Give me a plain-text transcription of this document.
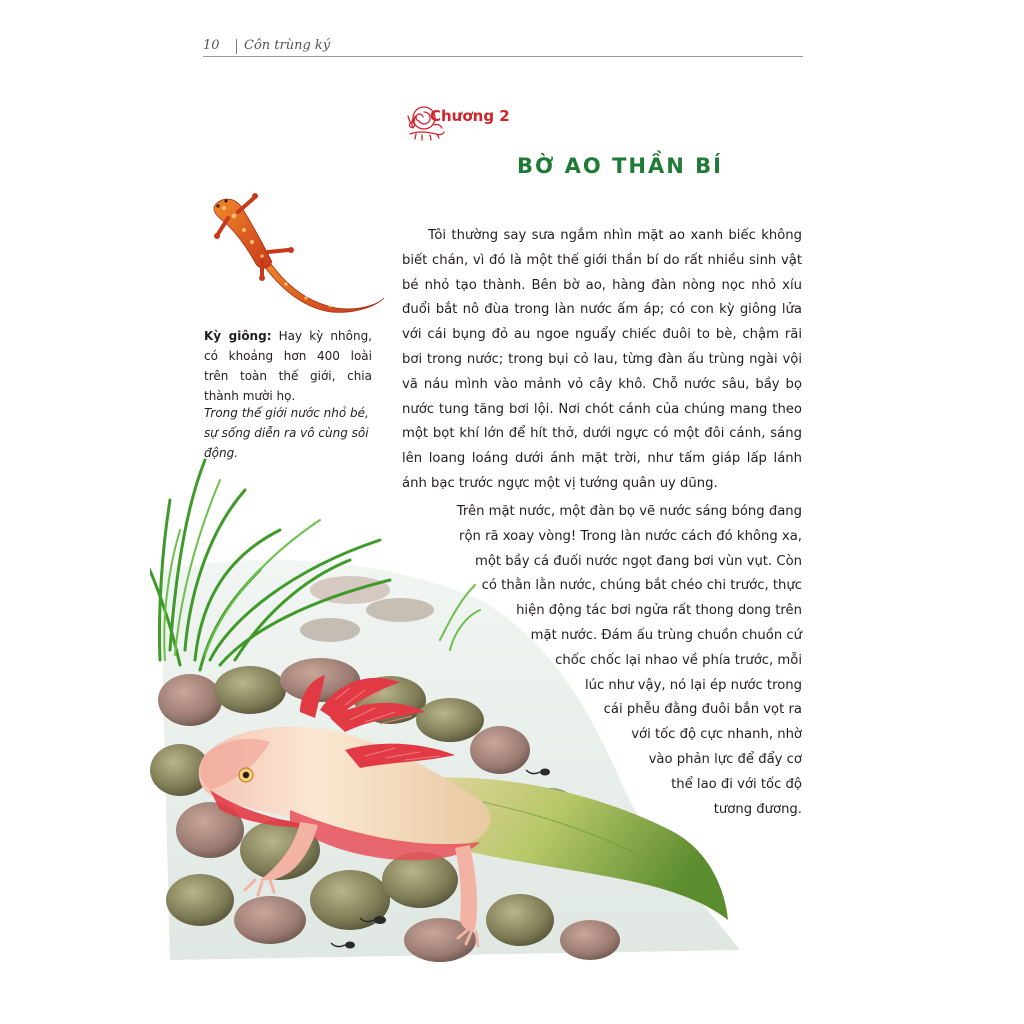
10 Côn trùng ký
Chương 2
BỜ AO THẦN BÍ

Kỳ giông: Hay kỳ nhông, có khoảng hơn 400 loài trên toàn thế giới, chia thành mười họ.

Trong thế giới nước nhỏ bé, sự sống diễn ra vô cùng sôi động.

Tôi thường say sưa ngắm nhìn mặt ao xanh biếc không biết chán, vì đó là một thế giới thần bí do rất nhiều sinh vật bé nhỏ tạo thành. Bên bờ ao, hàng đàn nòng nọc nhỏ xíu đuổi bắt nô đùa trong làn nước ấm áp; có con kỳ giông lửa với cái bụng đỏ au ngoe nguẩy chiếc đuôi to bè, chậm rãi bơi trong nước; trong bụi cỏ lau, từng đàn ấu trùng ngài vội vã náu mình vào mảnh vỏ cây khô. Chỗ nước sâu, bầy bọ nước tung tăng bơi lội. Nơi chót cánh của chúng mang theo một bọt khí lớn để hít thở, dưới ngực có một đôi cánh, sáng lên loang loáng dưới ánh mặt trời, như tấm giáp lấp lánh ánh bạc trước ngực một vị tướng quân uy dũng.

Trên mặt nước, một đàn bọ vẽ nước sáng bóng đang
rộn rã xoay vòng! Trong làn nước cách đó không xa,
một bầy cá đuối nước ngọt đang bơi vùn vụt. Còn
có thằn lằn nước, chúng bắt chéo chi trước, thực
hiện động tác bơi ngửa rất thong dong trên
mặt nước. Đám ấu trùng chuồn chuồn cứ
chốc chốc lại nhao về phía trước, mỗi
lúc như vậy, nó lại ép nước trong
cái phễu đằng đuôi bắn vọt ra
với tốc độ cực nhanh, nhờ
vào phản lực để đẩy cơ
thể lao đi với tốc độ
tương đương.
